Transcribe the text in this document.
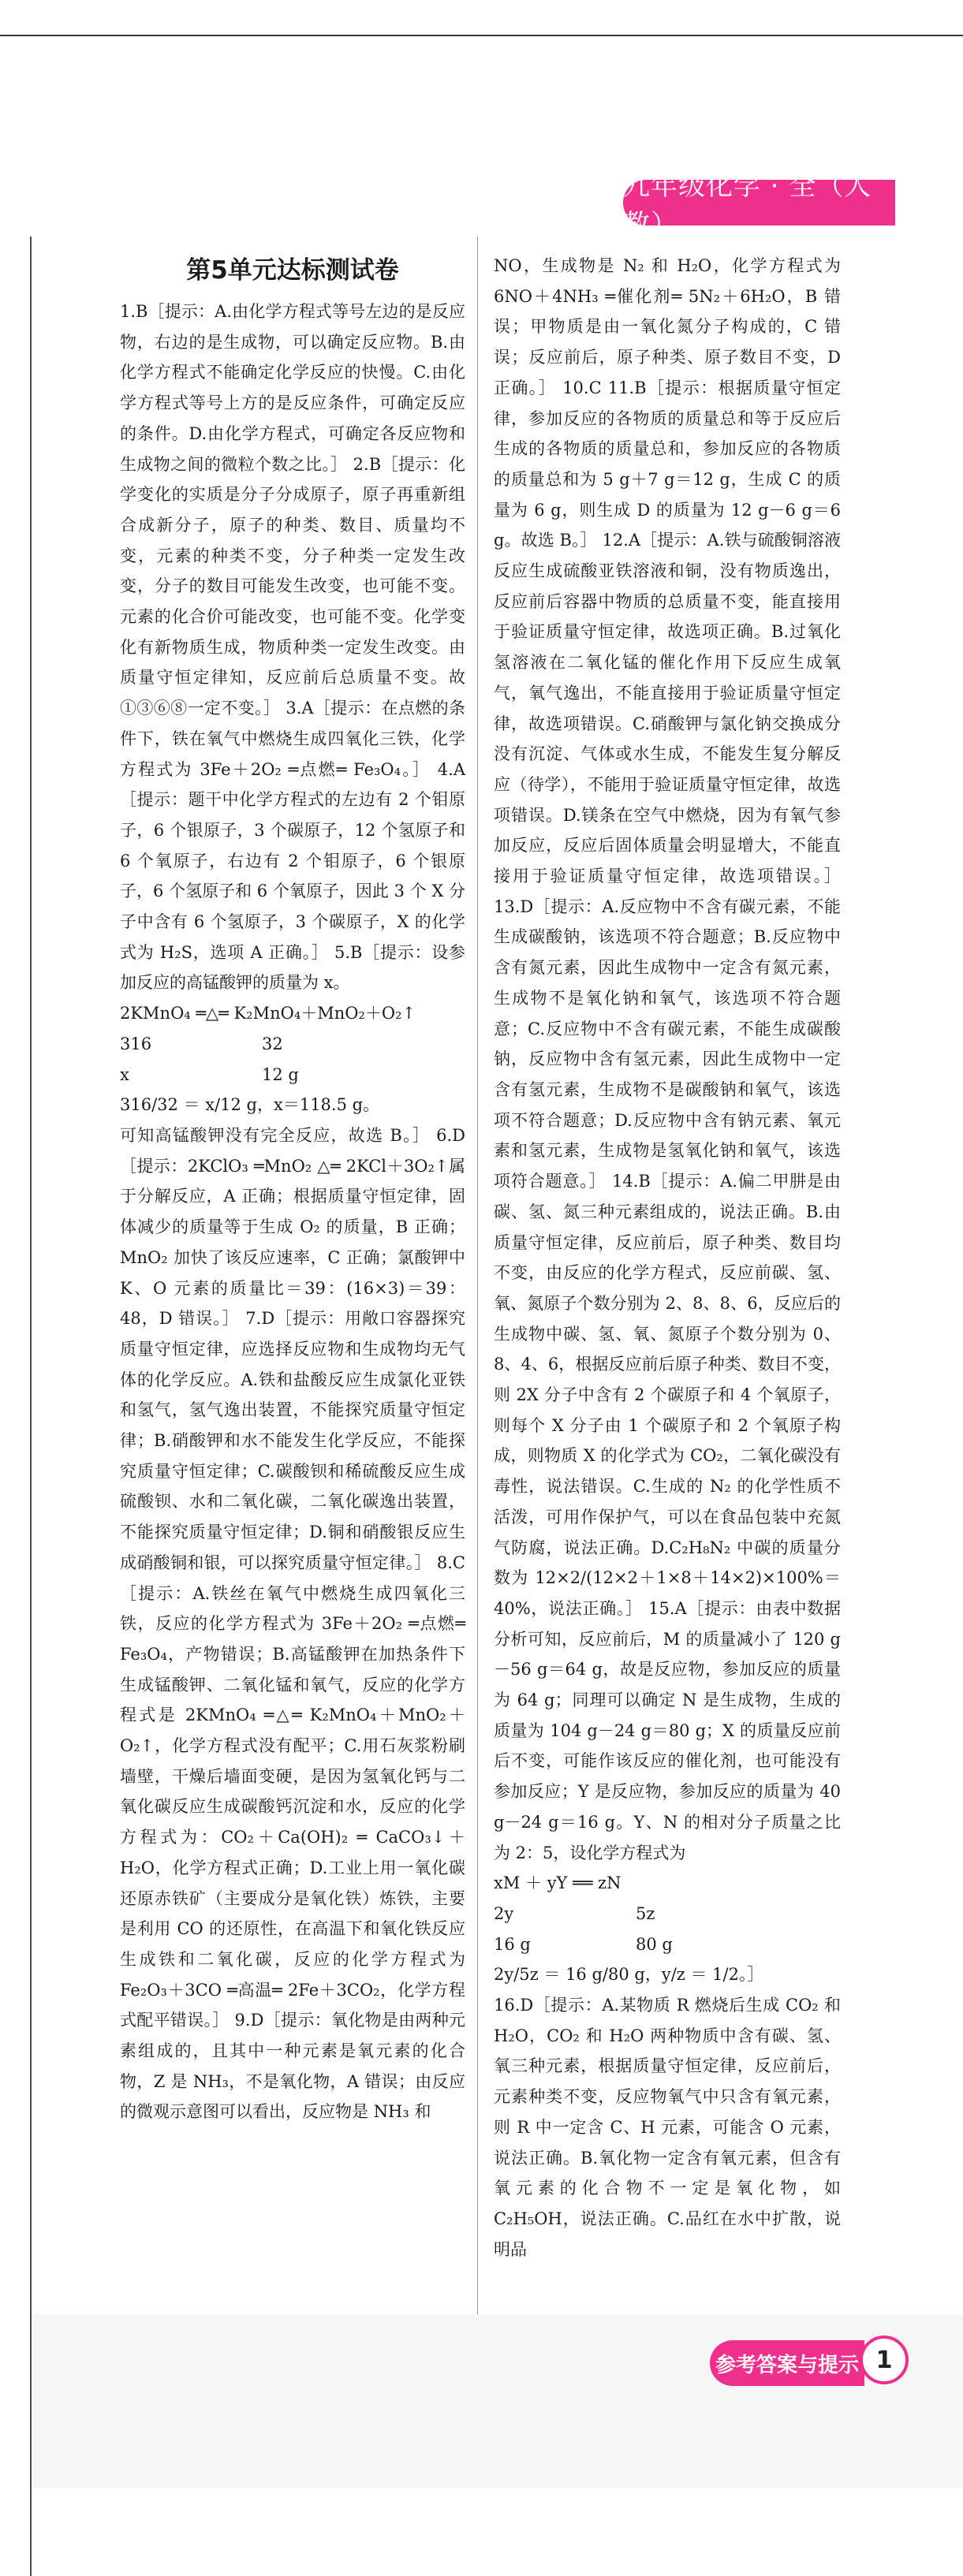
九年级化学 · 全（人教）
第5单元达标测试卷

1.B［提示：A.由化学方程式等号左边的是反应物，右边的是生成物，可以确定反应物。B.由化学方程式不能确定化学反应的快慢。C.由化学方程式等号上方的是反应条件，可确定反应的条件。D.由化学方程式，可确定各反应物和生成物之间的微粒个数之比。］ 2.B［提示：化学变化的实质是分子分成原子，原子再重新组合成新分子，原子的种类、数目、质量均不变，元素的种类不变，分子种类一定发生改变，分子的数目可能发生改变，也可能不变。元素的化合价可能改变，也可能不变。化学变化有新物质生成，物质种类一定发生改变。由质量守恒定律知，反应前后总质量不变。故①③⑥⑧一定不变。］ 3.A［提示：在点燃的条件下，铁在氧气中燃烧生成四氧化三铁，化学方程式为 3Fe＋2O₂ ═点燃═ Fe₃O₄。］ 4.A［提示：题干中化学方程式的左边有 2 个钼原子，6 个银原子，3 个碳原子，12 个氢原子和 6 个氧原子，右边有 2 个钼原子，6 个银原子，6 个氢原子和 6 个氧原子，因此 3 个 X 分子中含有 6 个氢原子，3 个碳原子，X 的化学式为 H₂S，选项 A 正确。］ 5.B［提示：设参加反应的高锰酸钾的质量为 x。

2KMnO₄ ═△═ K₂MnO₄＋MnO₂＋O₂↑

316	32
x	12 g

316/32 ＝ x/12 g，x＝118.5 g。

可知高锰酸钾没有完全反应，故选 B。］ 6.D［提示：2KClO₃ ═MnO₂ △═ 2KCl＋3O₂↑属于分解反应，A 正确；根据质量守恒定律，固体减少的质量等于生成 O₂ 的质量，B 正确；MnO₂ 加快了该反应速率，C 正确；氯酸钾中 K、O 元素的质量比＝39：(16×3)＝39：48，D 错误。］ 7.D［提示：用敞口容器探究质量守恒定律，应选择反应物和生成物均无气体的化学反应。A.铁和盐酸反应生成氯化亚铁和氢气，氢气逸出装置，不能探究质量守恒定律；B.硝酸钾和水不能发生化学反应，不能探究质量守恒定律；C.碳酸钡和稀硫酸反应生成硫酸钡、水和二氧化碳，二氧化碳逸出装置，不能探究质量守恒定律；D.铜和硝酸银反应生成硝酸铜和银，可以探究质量守恒定律。］ 8.C［提示：A.铁丝在氧气中燃烧生成四氧化三铁，反应的化学方程式为 3Fe＋2O₂ ═点燃═ Fe₃O₄，产物错误；B.高锰酸钾在加热条件下生成锰酸钾、二氧化锰和氧气，反应的化学方程式是 2KMnO₄ ═△═ K₂MnO₄＋MnO₂＋O₂↑，化学方程式没有配平；C.用石灰浆粉刷墙壁，干燥后墙面变硬，是因为氢氧化钙与二氧化碳反应生成碳酸钙沉淀和水，反应的化学方程式为：CO₂＋Ca(OH)₂ ═ CaCO₃↓＋H₂O，化学方程式正确；D.工业上用一氧化碳还原赤铁矿（主要成分是氧化铁）炼铁，主要是利用 CO 的还原性，在高温下和氧化铁反应生成铁和二氧化碳，反应的化学方程式为 Fe₂O₃＋3CO ═高温═ 2Fe＋3CO₂，化学方程式配平错误。］ 9.D［提示：氧化物是由两种元素组成的，且其中一种元素是氧元素的化合物，Z 是 NH₃，不是氧化物，A 错误；由反应的微观示意图可以看出，反应物是 NH₃ 和

NO，生成物是 N₂ 和 H₂O，化学方程式为 6NO＋4NH₃ ═催化剂═ 5N₂＋6H₂O，B 错误；甲物质是由一氧化氮分子构成的，C 错误；反应前后，原子种类、原子数目不变，D 正确。］ 10.C 11.B［提示：根据质量守恒定律，参加反应的各物质的质量总和等于反应后生成的各物质的质量总和，参加反应的各物质的质量总和为 5 g＋7 g＝12 g，生成 C 的质量为 6 g，则生成 D 的质量为 12 g－6 g＝6 g。故选 B。］ 12.A［提示：A.铁与硫酸铜溶液反应生成硫酸亚铁溶液和铜，没有物质逸出，反应前后容器中物质的总质量不变，能直接用于验证质量守恒定律，故选项正确。B.过氧化氢溶液在二氧化锰的催化作用下反应生成氧气，氧气逸出，不能直接用于验证质量守恒定律，故选项错误。C.硝酸钾与氯化钠交换成分没有沉淀、气体或水生成，不能发生复分解反应（待学），不能用于验证质量守恒定律，故选项错误。D.镁条在空气中燃烧，因为有氧气参加反应，反应后固体质量会明显增大，不能直接用于验证质量守恒定律，故选项错误。］ 13.D［提示：A.反应物中不含有碳元素，不能生成碳酸钠，该选项不符合题意；B.反应物中含有氮元素，因此生成物中一定含有氮元素，生成物不是氧化钠和氧气，该选项不符合题意；C.反应物中不含有碳元素，不能生成碳酸钠，反应物中含有氢元素，因此生成物中一定含有氢元素，生成物不是碳酸钠和氧气，该选项不符合题意；D.反应物中含有钠元素、氧元素和氢元素，生成物是氢氧化钠和氧气，该选项符合题意。］ 14.B［提示：A.偏二甲肼是由碳、氢、氮三种元素组成的，说法正确。B.由质量守恒定律，反应前后，原子种类、数目均不变，由反应的化学方程式，反应前碳、氢、氧、氮原子个数分别为 2、8、8、6，反应后的生成物中碳、氢、氧、氮原子个数分别为 0、8、4、6，根据反应前后原子种类、数目不变，则 2X 分子中含有 2 个碳原子和 4 个氧原子，则每个 X 分子由 1 个碳原子和 2 个氧原子构成，则物质 X 的化学式为 CO₂，二氧化碳没有毒性，说法错误。C.生成的 N₂ 的化学性质不活泼，可用作保护气，可以在食品包装中充氮气防腐，说法正确。D.C₂H₈N₂ 中碳的质量分数为 12×2/(12×2＋1×8＋14×2)×100%＝40%，说法正确。］ 15.A［提示：由表中数据分析可知，反应前后，M 的质量减小了 120 g－56 g＝64 g，故是反应物，参加反应的质量为 64 g；同理可以确定 N 是生成物，生成的质量为 104 g－24 g＝80 g；X 的质量反应前后不变，可能作该反应的催化剂，也可能没有参加反应；Y 是反应物，参加反应的质量为 40 g－24 g＝16 g。Y、N 的相对分子质量之比为 2：5，设化学方程式为

xM ＋ yY ══ zN

2y	5z
16 g	80 g

2y/5z ＝ 16 g/80 g，y/z ＝ 1/2。］

16.D［提示：A.某物质 R 燃烧后生成 CO₂ 和 H₂O，CO₂ 和 H₂O 两种物质中含有碳、氢、氧三种元素，根据质量守恒定律，反应前后，元素种类不变，反应物氧气中只含有氧元素，则 R 中一定含 C、H 元素，可能含 O 元素，说法正确。B.氧化物一定含有氧元素，但含有氧元素的化合物不一定是氧化物，如 C₂H₅OH，说法正确。C.品红在水中扩散，说明品

参考答案与提示 1
